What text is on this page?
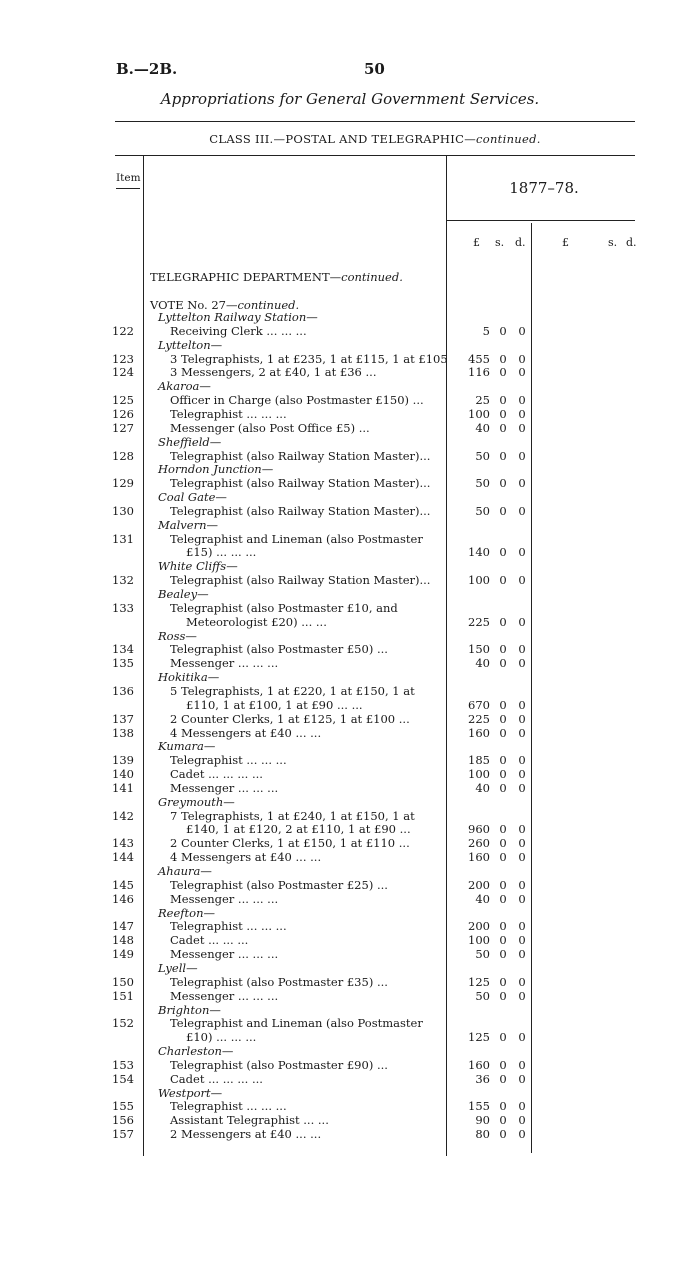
B.—2B.	50
Appropriations for General Government Services.
CLASS III.—POSTAL AND TELEGRAPHIC—continued.
Item
1877–78.
£ s. d.	£	s. d.
TELEGRAPHIC DEPARTMENT—continued.
VOTE No. 27—continued.
Lyttelton Railway Station—
122	Receiving Clerk ... ... ...	5 0 0
Lyttelton—
123	3 Telegraphists, 1 at £235, 1 at £115, 1 at £105	455 0 0
124	3 Messengers, 2 at £40, 1 at £36 ...	116 0 0
Akaroa—
125	Officer in Charge (also Postmaster £150) ...	25 0 0
126	Telegraphist ... ... ...	100 0 0
127	Messenger (also Post Office £5) ...	40 0 0
Sheffield—
128	Telegraphist (also Railway Station Master)...	50 0 0
Horndon Junction—
129	Telegraphist (also Railway Station Master)...	50 0 0
Coal Gate—
130	Telegraphist (also Railway Station Master)...	50 0 0
Malvern—
131	Telegraphist and Lineman (also Postmaster
£15) ... ... ...	140 0 0
White Cliffs—
132	Telegraphist (also Railway Station Master)...	100 0 0
Bealey—
133	Telegraphist (also Postmaster £10, and
Meteorologist £20) ... ...	225 0 0
Ross—
134	Telegraphist (also Postmaster £50) ...	150 0 0
135	Messenger ... ... ...	40 0 0
Hokitika—
136	5 Telegraphists, 1 at £220, 1 at £150, 1 at
£110, 1 at £100, 1 at £90 ... ...	670 0 0
137	2 Counter Clerks, 1 at £125, 1 at £100 ...	225 0 0
138	4 Messengers at £40 ... ...	160 0 0
Kumara—
139	Telegraphist ... ... ...	185 0 0
140	Cadet ... ... ... ...	100 0 0
141	Messenger ... ... ...	40 0 0
Greymouth—
142	7 Telegraphists, 1 at £240, 1 at £150, 1 at
£140, 1 at £120, 2 at £110, 1 at £90 ...	960 0 0
143	2 Counter Clerks, 1 at £150, 1 at £110 ...	260 0 0
144	4 Messengers at £40 ... ...	160 0 0
Ahaura—
145	Telegraphist (also Postmaster £25) ...	200 0 0
146	Messenger ... ... ...	40 0 0
Reefton—
147	Telegraphist ... ... ...	200 0 0
148	Cadet ... ... ...	100 0 0
149	Messenger ... ... ...	50 0 0
Lyell—
150	Telegraphist (also Postmaster £35) ...	125 0 0
151	Messenger ... ... ...	50 0 0
Brighton—
152	Telegraphist and Lineman (also Postmaster
£10) ... ... ...	125 0 0
Charleston—
153	Telegraphist (also Postmaster £90) ...	160 0 0
154	Cadet ... ... ... ...	36 0 0
Westport—
155	Telegraphist ... ... ...	155 0 0
156	Assistant Telegraphist ... ...	90 0 0
157	2 Messengers at £40 ... ...	80 0 0
